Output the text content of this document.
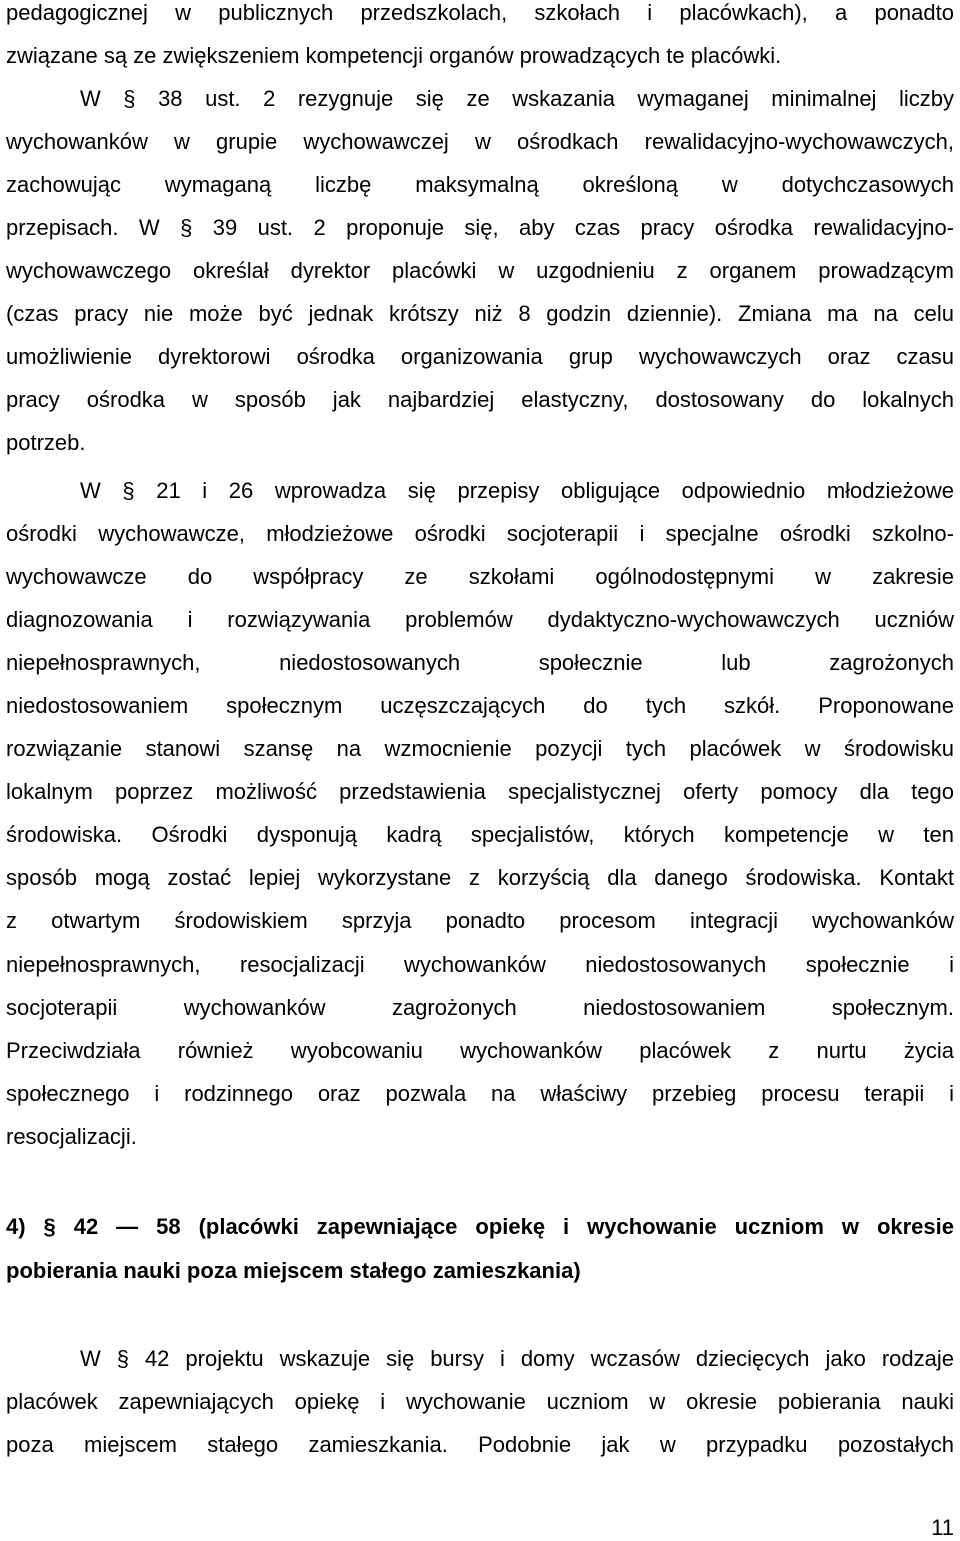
pedagogicznej w publicznych przedszkolach, szkołach i placówkach), a ponadto
związane są ze zwiększeniem kompetencji organów prowadzących te placówki.
W § 38 ust. 2 rezygnuje się ze wskazania wymaganej minimalnej liczby
wychowanków w grupie wychowawczej w ośrodkach rewalidacyjno-wychowawczych,
zachowując wymaganą liczbę maksymalną określoną w dotychczasowych
przepisach. W § 39 ust. 2 proponuje się, aby czas pracy ośrodka rewalidacyjno-
wychowawczego określał dyrektor placówki w uzgodnieniu z organem prowadzącym
(czas pracy nie może być jednak krótszy niż 8 godzin dziennie). Zmiana ma na celu
umożliwienie dyrektorowi ośrodka organizowania grup wychowawczych oraz czasu
pracy ośrodka w sposób jak najbardziej elastyczny, dostosowany do lokalnych
potrzeb.
W § 21 i 26 wprowadza się przepisy obligujące odpowiednio młodzieżowe
ośrodki wychowawcze, młodzieżowe ośrodki socjoterapii i specjalne ośrodki szkolno-
wychowawcze do współpracy ze szkołami ogólnodostępnymi w zakresie
diagnozowania i rozwiązywania problemów dydaktyczno-wychowawczych uczniów
niepełnosprawnych, niedostosowanych społecznie lub zagrożonych
niedostosowaniem społecznym uczęszczających do tych szkół. Proponowane
rozwiązanie stanowi szansę na wzmocnienie pozycji tych placówek w środowisku
lokalnym poprzez możliwość przedstawienia specjalistycznej oferty pomocy dla tego
środowiska. Ośrodki dysponują kadrą specjalistów, których kompetencje w ten
sposób mogą zostać lepiej wykorzystane z korzyścią dla danego środowiska. Kontakt
z otwartym środowiskiem sprzyja ponadto procesom integracji wychowanków
niepełnosprawnych, resocjalizacji wychowanków niedostosowanych społecznie i
socjoterapii wychowanków zagrożonych niedostosowaniem społecznym.
Przeciwdziała również wyobcowaniu wychowanków placówek z nurtu życia
społecznego i rodzinnego oraz pozwala na właściwy przebieg procesu terapii i
resocjalizacji.
4) § 42 — 58 (placówki zapewniające opiekę i wychowanie uczniom w okresie
pobierania nauki poza miejscem stałego zamieszkania)
W § 42 projektu wskazuje się bursy i domy wczasów dziecięcych jako rodzaje
placówek zapewniających opiekę i wychowanie uczniom w okresie pobierania nauki
poza miejscem stałego zamieszkania. Podobnie jak w przypadku pozostałych
11
